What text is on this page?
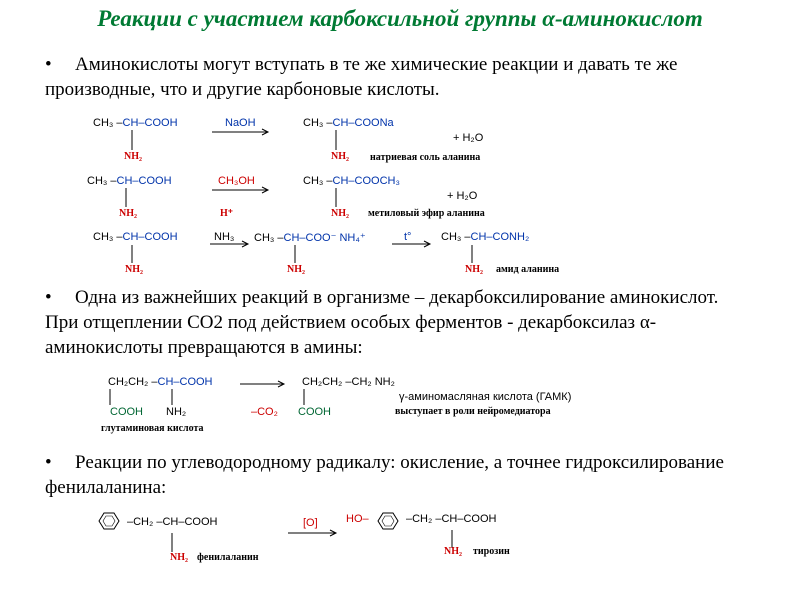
Реакции с участием карбоксильной группы α-аминокислот
•	Аминокислоты могут вступать в те же химические реакции и давать те же производные, что и другие карбоновые кислоты.
•	Одна из важнейших реакций в организме – декарбоксилирование аминокислот. При отщеплении СО2 под действием особых ферментов - декарбоксилаз α-аминокислоты превращаются в амины:
•	Реакции по углеводородному радикалу: окисление, а точнее гидроксилирование фенилаланина:
CH₃ –CH–COOH
NH₂
NaOH	CH₃ –CH–COONa
NH₂
+ H₂O
натриевая соль аланина
CH₃ –CH–COOH
NH₂
CH₃OH
H⁺
CH₃ –CH–COOCH₃
NH₂
+ H₂O
метиловый эфир аланина
CH₃ –CH–COOH
NH₂
NH₃ CH₃ –CH–COO⁻ NH₄⁺
NH₂
t°	CH₃ –CH–CONH₂
NH₂ амид аланина
CH₂CH₂ –CH–COOH
COOH NH₂
глутаминовая кислота
–CO₂
CH₂CH₂ –CH₂ NH₂
COOH
γ-аминомасляная кислота (ГАМК)
выступает в роли нейромедиатора
–CH₂ –CH–COOH
NH₂ фенилаланин
[O]	HO–	–CH₂ –CH–COOH
NH₂ тирозин
